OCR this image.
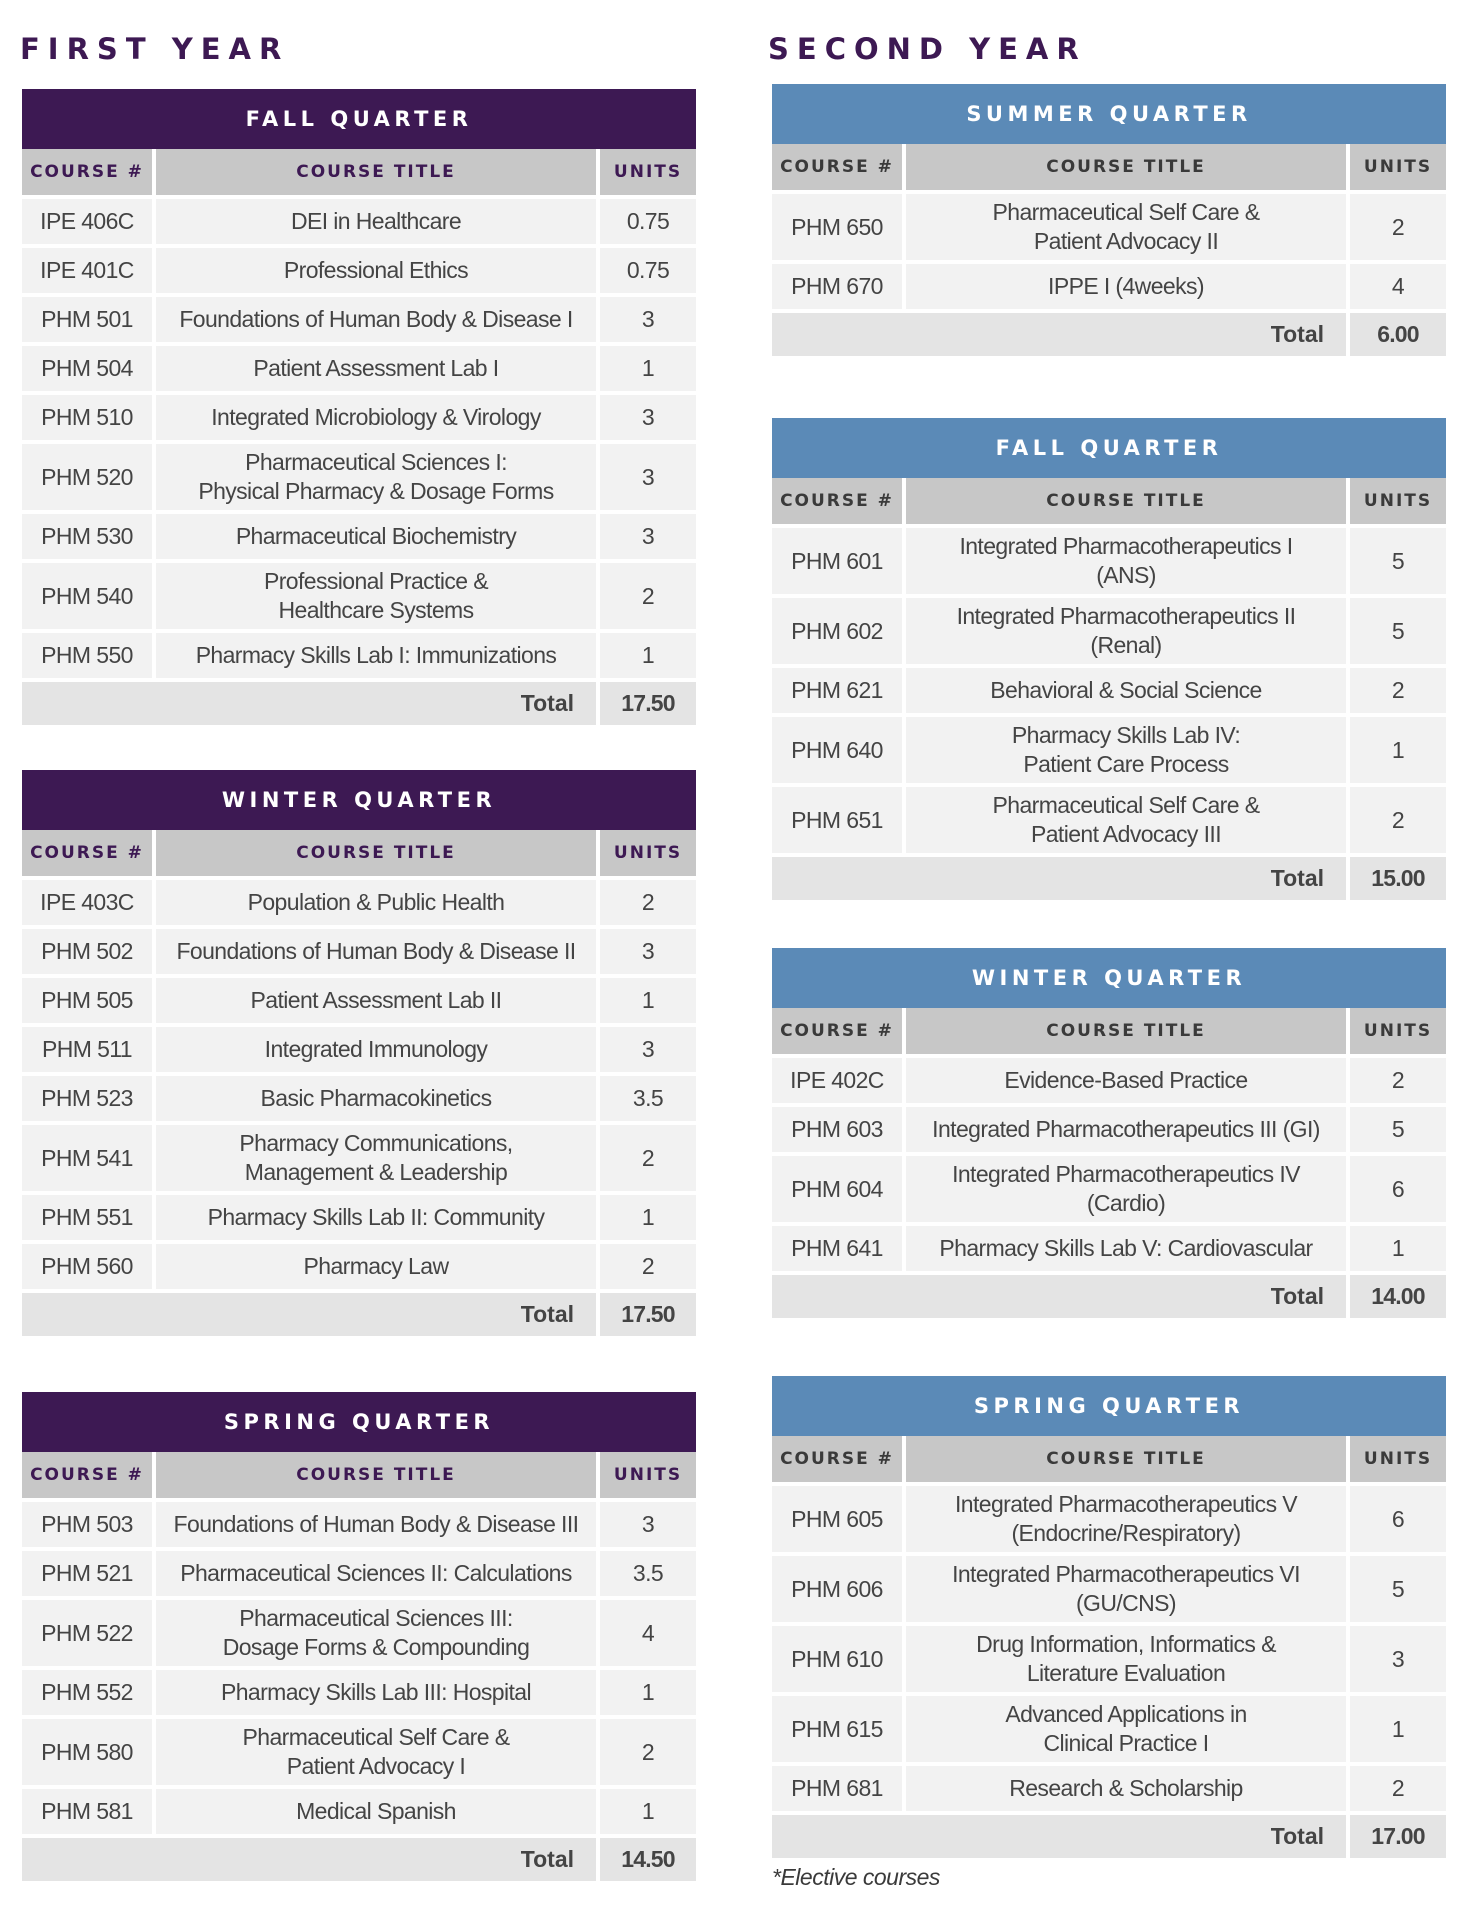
FIRST YEAR
FALL QUARTER		
COURSE #	COURSE TITLE	UNITS
IPE 406C	DEI in Healthcare	0.75
IPE 401C	Professional Ethics	0.75
PHM 501	Foundations of Human Body & Disease I	3
PHM 504	Patient Assessment Lab I	1
PHM 510	Integrated Microbiology & Virology	3
PHM 520	Pharmaceutical Sciences I:
Physical Pharmacy & Dosage Forms	3
PHM 530	Pharmaceutical Biochemistry	3
PHM 540	Professional Practice &
Healthcare Systems	2
PHM 550	Pharmacy Skills Lab I: Immunizations	1
Total		17.50
WINTER QUARTER		
COURSE #	COURSE TITLE	UNITS
IPE 403C	Population & Public Health	2
PHM 502	Foundations of Human Body & Disease II	3
PHM 505	Patient Assessment Lab II	1
PHM 511	Integrated Immunology	3
PHM 523	Basic Pharmacokinetics	3.5
PHM 541	Pharmacy Communications,
Management & Leadership	2
PHM 551	Pharmacy Skills Lab II: Community	1
PHM 560	Pharmacy Law	2
Total		17.50
SPRING QUARTER		
COURSE #	COURSE TITLE	UNITS
PHM 503	Foundations of Human Body & Disease III	3
PHM 521	Pharmaceutical Sciences II: Calculations	3.5
PHM 522	Pharmaceutical Sciences III:
Dosage Forms & Compounding	4
PHM 552	Pharmacy Skills Lab III: Hospital	1
PHM 580	Pharmaceutical Self Care &
Patient Advocacy I	2
PHM 581	Medical Spanish	1
Total		14.50
SECOND YEAR
SUMMER QUARTER		
COURSE #	COURSE TITLE	UNITS
PHM 650	Pharmaceutical Self Care &
Patient Advocacy II	2
PHM 670	IPPE I (4weeks)	4
Total		6.00
FALL QUARTER		
COURSE #	COURSE TITLE	UNITS
PHM 601	Integrated Pharmacotherapeutics I
(ANS)	5
PHM 602	Integrated Pharmacotherapeutics II
(Renal)	5
PHM 621	Behavioral & Social Science	2
PHM 640	Pharmacy Skills Lab IV:
Patient Care Process	1
PHM 651	Pharmaceutical Self Care &
Patient Advocacy III	2
Total		15.00
WINTER QUARTER		
COURSE #	COURSE TITLE	UNITS
IPE 402C	Evidence-Based Practice	2
PHM 603	Integrated Pharmacotherapeutics III (GI)	5
PHM 604	Integrated Pharmacotherapeutics IV
(Cardio)	6
PHM 641	Pharmacy Skills Lab V: Cardiovascular	1
Total		14.00
SPRING QUARTER		
COURSE #	COURSE TITLE	UNITS
PHM 605	Integrated Pharmacotherapeutics V
(Endocrine/Respiratory)	6
PHM 606	Integrated Pharmacotherapeutics VI
(GU/CNS)	5
PHM 610	Drug Information, Informatics &
Literature Evaluation	3
PHM 615	Advanced Applications in
Clinical Practice I	1
PHM 681	Research & Scholarship	2
Total		17.00
*Elective courses
